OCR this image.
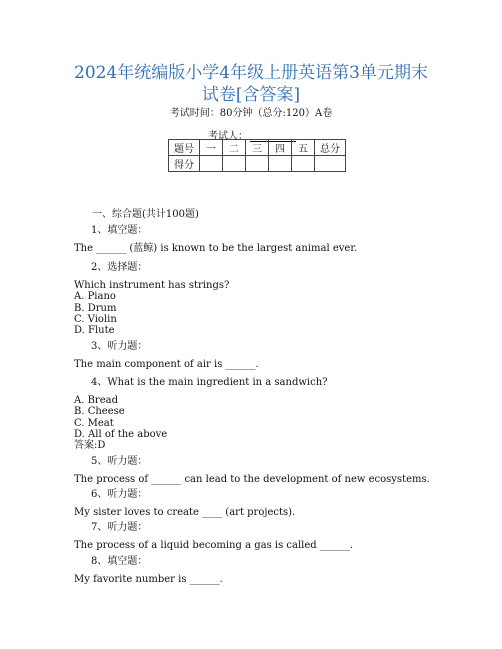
2024年统编版小学4年级上册英语第3单元期末
试卷[含答案]
考试时间：80分钟（总分:120）A卷
考试人：
题号	一	二	三	四	五	总分
得分						
一、综合题(共计100题)
1、填空题：
The ______ (蓝鲸) is known to be the largest animal ever.
2、选择题：
Which instrument has strings?
A. Piano
B. Drum
C. Violin
D. Flute
3、听力题：
The main component of air is ______.
4、What is the main ingredient in a sandwich?
A. Bread
B. Cheese
C. Meat
D. All of the above
答案:D
5、听力题：
The process of ______ can lead to the development of new ecosystems.
6、听力题：
My sister loves to create ____ (art projects).
7、听力题：
The process of a liquid becoming a gas is called ______.
8、填空题：
My favorite number is ______.
